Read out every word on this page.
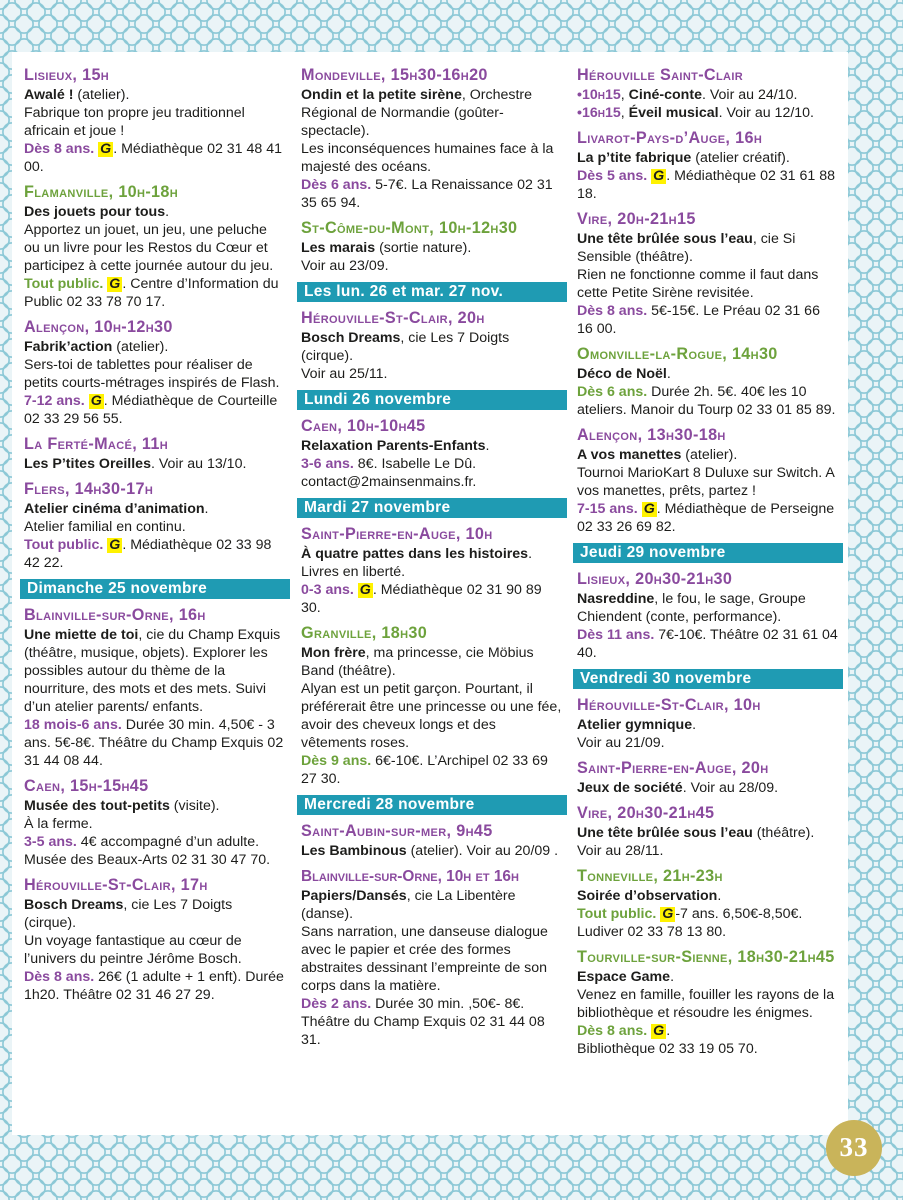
Lisieux, 15h
Awalé ! (atelier).
Fabrique ton propre jeu traditionnel africain et joue !
Dès 8 ans. G . Médiathèque 02 31 48 41 00.
Flamanville, 10h-18h
Des jouets pour tous.
Apportez un jouet, un jeu, une peluche ou un livre pour les Restos du Cœur et participez à cette journée autour du jeu.
Tout public. G . Centre d’Information du Public 02 33 78 70 17.
Alençon, 10h-12h30
Fabrik’action (atelier).
Sers-toi de tablettes pour réaliser de petits courts-métrages inspirés de Flash.
7-12 ans. G . Médiathèque de Courteille 02 33 29 56 55.
La Ferté-Macé, 11h
Les P’tites Oreilles. Voir au 13/10.
Flers, 14h30-17h
Atelier cinéma d’animation.
Atelier familial en continu.
Tout public. G . Médiathèque 02 33 98 42 22.
Dimanche 25 novembre
Blainville-sur-Orne, 16h
Une miette de toi, cie du Champ Exquis (théâtre, musique, objets). Explorer les possibles autour du thème de la nourriture, des mots et des mets. Suivi d’un atelier parents/ enfants.
18 mois-6 ans. Durée 30 min. 4,50€ - 3 ans. 5€-8€. Théâtre du Champ Exquis 02 31 44 08 44.
Caen, 15h-15h45
Musée des tout-petits (visite).
À la ferme.
3-5 ans. 4€ accompagné d’un adulte. Musée des Beaux-Arts 02 31 30 47 70.
Hérouville-St-Clair, 17h
Bosch Dreams, cie Les 7 Doigts (cirque).
Un voyage fantastique au cœur de l’univers du peintre Jérôme Bosch.
Dès 8 ans. 26€ (1 adulte + 1 enft). Durée 1h20. Théâtre 02 31 46 27 29.
Mondeville, 15h30-16h20
Ondin et la petite sirène, Orchestre Régional de Normandie (goûter-spectacle).
Les inconséquences humaines face à la majesté des océans.
Dès 6 ans. 5-7€. La Renaissance 02 31 35 65 94.
St-Côme-du-Mont, 10h-12h30
Les marais (sortie nature).
Voir au 23/09.
Les lun. 26 et mar. 27 nov.
Hérouville-St-Clair, 20h
Bosch Dreams, cie Les 7 Doigts (cirque).
Voir au 25/11.
Lundi 26 novembre
Caen, 10h-10h45
Relaxation Parents-Enfants.
3-6 ans. 8€. Isabelle Le Dû. contact@2mainsenmains.fr.
Mardi 27 novembre
Saint-Pierre-en-Auge, 10h
À quatre pattes dans les histoires.
Livres en liberté.
0-3 ans. G . Médiathèque 02 31 90 89 30.
Granville, 18h30
Mon frère, ma princesse, cie Möbius Band (théâtre).
Alyan est un petit garçon. Pourtant, il préférerait être une princesse ou une fée, avoir des cheveux longs et des vêtements roses.
Dès 9 ans. 6€-10€. L’Archipel 02 33 69 27 30.
Mercredi 28 novembre
Saint-Aubin-sur-mer, 9h45
Les Bambinous (atelier). Voir au 20/09 .
Blainville-sur-Orne, 10h et 16h
Papiers/Dansés, cie La Libentère (danse).
Sans narration, une danseuse dialogue avec le papier et crée des formes abstraites dessinant l’empreinte de son corps dans la matière.
Dès 2 ans. Durée 30 min. ,50€- 8€. Théâtre du Champ Exquis 02 31 44 08 31.
Hérouville Saint-Clair
•10h15, Ciné-conte. Voir au 24/10.
•16h15, Éveil musical. Voir au 12/10.
Livarot-Pays-d’Auge, 16h
La p’tite fabrique (atelier créatif).
Dès 5 ans. G . Médiathèque 02 31 61 88 18.
Vire, 20h-21h15
Une tête brûlée sous l’eau, cie Si Sensible (théâtre).
Rien ne fonctionne comme il faut dans cette Petite Sirène revisitée.
Dès 8 ans. 5€-15€. Le Préau 02 31 66 16 00.
Omonville-la-Rogue, 14h30
Déco de Noël.
Dès 6 ans. Durée 2h. 5€. 40€ les 10 ateliers. Manoir du Tourp 02 33 01 85 89.
Alençon, 13h30-18h
A vos manettes (atelier).
Tournoi MarioKart 8 Duluxe sur Switch. A vos manettes, prêts, partez !
7-15 ans. G . Médiathèque de Perseigne 02 33 26 69 82.
Jeudi 29 novembre
Lisieux, 20h30-21h30
Nasreddine, le fou, le sage, Groupe Chiendent (conte, performance).
Dès 11 ans. 7€-10€. Théâtre 02 31 61 04 40.
Vendredi 30 novembre
Hérouville-St-Clair, 10h
Atelier gymnique.
Voir au 21/09.
Saint-Pierre-en-Auge, 20h
Jeux de société. Voir au 28/09.
Vire, 20h30-21h45
Une tête brûlée sous l’eau (théâtre). Voir au 28/11.
Tonneville, 21h-23h
Soirée d’observation.
Tout public. G -7 ans. 6,50€-8,50€. Ludiver 02 33 78 13 80.
Tourville-sur-Sienne, 18h30-21h45
Espace Game.
Venez en famille, fouiller les rayons de la bibliothèque et résoudre les énigmes. Dès 8 ans. G .
Bibliothèque 02 33 19 05 70.
33
